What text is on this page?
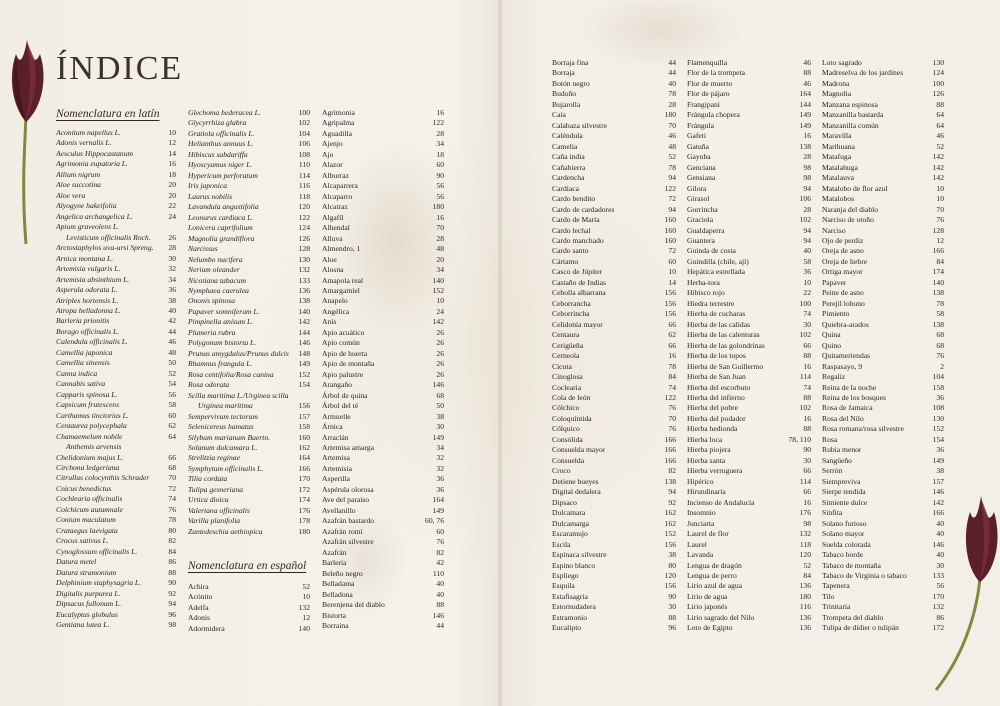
ÍNDICE
Nomenclatura en latín
Aconitum napellus L.	10
Adonis vernalis L.	12
Aesculus Hippocastanum	14
Agrimonia eupatoria L.	16
Allium nigrum	18
Aloe succotina	20
Aloe vera	20
Alyogyne hakeifolia	22
Angelica archangelica L.	24
Apium graveolens L.
Levisticum officinalis Roch. 26
Arctostaphylos uva-ursi Spreng. 28
Arnica montana L.	30
Artemisia vulgaris L.	32
Artemisia absinthium L.	34
Asperula odorata L.	36
Atriplex hortensis L.	38
Atropa belladonna L.	40
Barleria prionitis	42
Borago officinalis L.	44
Calendula officinalis L.	46
Camellia japonica	48
Camellia sinensis	50
Canna indica	52
Cannabis sativa	54
Capparis spinosa L.	56
Capsicum frutescens	58
Carthamus tinctorius L.	60
Centaurea polycephala	62
Chamaemelum nobile	64
Anthemis arvensis
Chelidonium majus L.	66
Circhona ledgeriana	68
Citrullus colocynthis Schrader	70
Cnicus benedictus	72
Cochlearia officinalis	74
Colchicum autumnale	76
Conium maculatum	78
Crataegus laevigata	80
Crocus sativus L.	82
Cynoglossum officinalis L.	84
Datura metel	86
Datura stramonium	88
Delphinium staphysagria L.	90
Digitalis purpurea L.	92
Dipsacus fullonum L.	94
Eucalyptus globulus	96
Gentiana lutea L.	98
Glechoma hederacea L.	100
Glycyrrhiza glabra	102
Gratiola officinalis L.	104
Helianthus annuus L.	106
Hibiscus sabdariffa	108
Hyoscyamus niger L.	110
Hypericum perforatum	114
Iris japonica	116
Laurus nobilis	118
Lavandula angustifolia	120
Leonurus cardiaca L.	122
Lonicera caprifolium	124
Magnolia grandiflora	126
Narcissus	128
Nelumbo nucifera	130
Nerium oleander	132
Nicotiana tabacum	133
Nymphaea caerulea	136
Ononis spinosa	138
Papaver somniferum L.	140
Pimpinella anisum L.	142
Plumeria rubra	144
Polygonum bistorta L.	146
Prunus amygdalus/Prunus dulcis 148
Rhamnus frangula L.	149
Rosa centifolia/Rosa canina	152
Rosa odorata	154
Scilla maritima L./Urginea scilla
Urginea maritima	156
Sempervivum tectorum	157
Selenicereus hamatus	158
Silybum marianum Baertn.	160
Solanum dulcamara L.	162
Strelitzia reginae	164
Symphytum officinalis L.	166
Tilia cordata	170
Tulipa gesneriana	172
Urtica dioica	174
Valeriana officinalis	176
Varilla planifolia	178
Zantedeschia aethiopica	180
Nomenclatura en español
Achira	52
Acónito	10
Adelfa	132
Adonis	12
Adormidera	140
Agrimonia	16
Agripalma	122
Aguadilla	28
Ajenjo	34
Ajo	18
Alazor	60
Alburraz	90
Alcaparrera	56
Alcaparro	56
Alcatraz	180
Algafil	16
Alhendal	70
Alluva	28
Almendro, 1	48
Aloe	20
Alosna	34
Amapola real	140
Amargamiel	152
Anapelo	10
Angélica	24
Anís	142
Apio acuático	26
Apio común	26
Apio de huerta	26
Apio de montaña	26
Apio palustre	26
Arangaño	146
Árbol de quina	68
Árbol del té	50
Armuelle	38
Árnica	30
Arraclán	149
Artemisa amarga	34
Artemisa	32
Artemisia	32
Asperilla	36
Aspérula olorosa	36
Ave del paraíso	164
Avellanillo	149
Azafrán bastardo	60, 76
Azafrán romí	60
Azafrán silvestre	76
Azafrán	82
Barleria	42
Beleño negro	110
Belladama	40
Belladona	40
Berenjena del diablo	88
Bistorta	146
Borraina	44
Borraja fina	44
Borraja	44
Botón negro	40
Budoño	78
Bujarolla	28
Caia	180
Calabaza silvestre	70
Caléndula	46
Camelia	48
Caña india	52
Cañahierra	78
Cardencha	94
Cardiaca	122
Cardo bendito	72
Cardo de cardadores	94
Cardo de María	160
Cardo lechal	160
Cardo manchado	160
Cardo santo	72
Cártamo	60
Casco de Júpiter	10
Castaño de Indias	14
Cebolla albarrana	156
Ceborrancha	156
Ceborrincha	156
Celidonia mayor	66
Centaura	62
Cerigüeña	66
Cerneola	16
Cicuta	78
Cinoglosa	84
Coclearia	74
Cola de león	122
Cólchico	76
Coloquíntida	70
Cólquico	76
Consólida	166
Consuelda mayor	166
Consuelda	166
Croco	82
Detiene bueyes	138
Digital dedalera	94
Dipsaco	92
Dulcamara	162
Dulcamarga	162
Escaramujo	152
Escila	156
Espinaca silvestre	38
Espino blanco	80
Espliego	120
Esquila	156
Estafisagria	90
Estornudadera	30
Estramonio	88
Eucalipto	96
Flamenquilla	46
Flor de la trompeta	88
Flor de muerto	46
Flor de pájaro	164
Frangipani	144
Frángula chopera	149
Frángula	149
Gafeti	16
Gatuña	138
Gayuba	28
Genciana	98
Gensiana	98
Gilora	94
Girasol	106
Gorrincha	28
Graciola	102
Gualdaperra	94
Guantera	94
Guinda de costa	40
Guindilla (chile, ají)	58
Hepática estrellada	36
Herba-tora	10
Hibisco rojo	22
Hiedra terrestre	100
Hierba de cucharas	74
Hierba de las calidas	30
Hierba de las calenturas	102
Hierba de las golondrinas	66
Hierba de los topos	88
Hierba de San Guillermo	16
Hierba de San Juan	114
Hierba del escorbuto	74
Hierba del infierno	88
Hierba del pobre	102
Hierba del podador	16
Hierba hedionda	88
Hierba loca	78, 110
Hierba piojera	90
Hierba santa	30
Hierba verruguera	66
Hipérico	114
Hirundinaria	66
Incienso de Andalucía	16
Insomnio	176
Junciarta	98
Laurel de flor	132
Laurel	118
Lavanda	120
Lengua de dragón	52
Lengua de perro	84
Lirio azul de agua	136
Lirio de agua	180
Lirio japonés	116
Lirio sagrado del Nilo	136
Loto de Egipto	136
Loto sagrado	130
Madreselva de los jardines	124
Madrona	100
Magnolia	126
Manzana espinosa	88
Manzanilla bastarda	64
Manzanilla común	64
Maravilla	46
Marihuana	52
Matafuga	142
Matalahuga	142
Matalauva	142
Matalobo de flor azul	10
Matalobos	10
Naranja del diablo	70
Narciso de otoño	76
Narciso	128
Ojo de perdiz	12
Oreja de asno	166
Oreja de liebre	84
Ortiga mayor	174
Papaver	140
Peine de asno	138
Perejil lobuno	78
Pimiento	58
Quiebra-arados	138
Quina	68
Quino	68
Quitameriendas	76
Raspasayo, 9	2
Regaliz	104
Reina de la noche	158
Reina de los bosques	36
Rosa de Jamaica	108
Rosa del Nilo	130
Rosa romana/rosa silvestre	152
Rosa	154
Rubia menor	36
Sangüeño	149
Serrón	38
Siempreviva	157
Sierpe tendida	146
Simiente dulce	142
Sinfita	166
Solano furioso	40
Solano mayor	40
Suelda colorada	146
Tabaco borde	40
Tabaco de montaña	30
Tabaco de Virginia o tabaco	133
Tapenera	56
Tilo	170
Trinitaria	132
Trompeta del diablo	86
Tulipa de dídier o tulipán	172
